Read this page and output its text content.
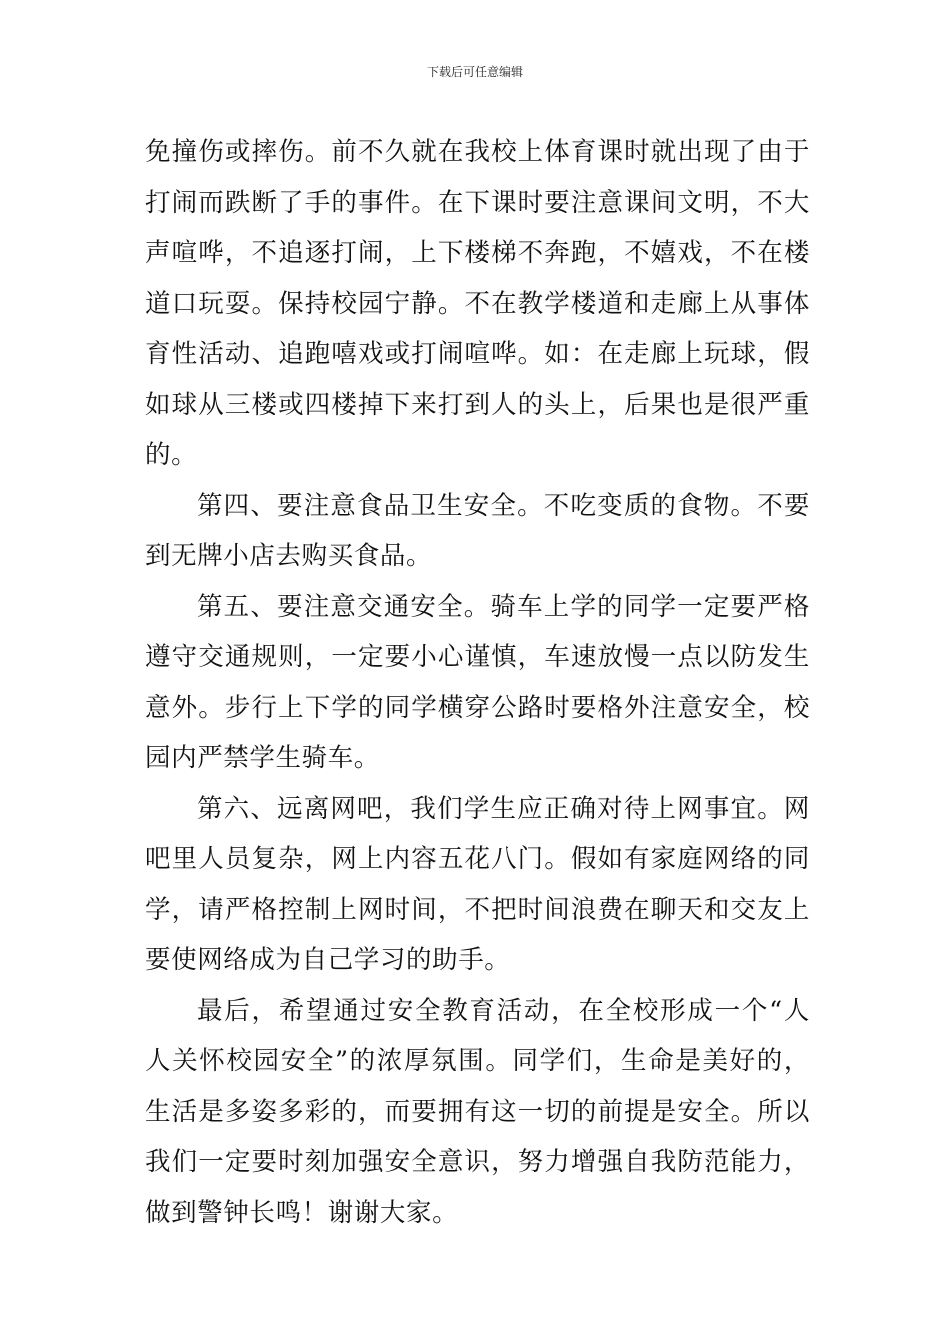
下载后可任意编辑

免撞伤或摔伤。前不久就在我校上体育课时就出现了由于打闹而跌断了手的事件。在下课时要注意课间文明，不大声喧哗，不追逐打闹，上下楼梯不奔跑，不嬉戏，不在楼道口玩耍。保持校园宁静。不在教学楼道和走廊上从事体育性活动、追跑嘻戏或打闹喧哗。如：在走廊上玩球，假如球从三楼或四楼掉下来打到人的头上，后果也是很严重的。

第四、要注意食品卫生安全。不吃变质的食物。不要到无牌小店去购买食品。

第五、要注意交通安全。骑车上学的同学一定要严格遵守交通规则，一定要小心谨慎，车速放慢一点以防发生意外。步行上下学的同学横穿公路时要格外注意安全，校园内严禁学生骑车。

第六、远离网吧，我们学生应正确对待上网事宜。网吧里人员复杂，网上内容五花八门。假如有家庭网络的同学，请严格控制上网时间，不把时间浪费在聊天和交友上要使网络成为自己学习的助手。

最后，希望通过安全教育活动，在全校形成一个“人人关怀校园安全”的浓厚氛围。同学们，生命是美好的，生活是多姿多彩的，而要拥有这一切的前提是安全。所以我们一定要时刻加强安全意识，努力增强自我防范能力，做到警钟长鸣！谢谢大家。
